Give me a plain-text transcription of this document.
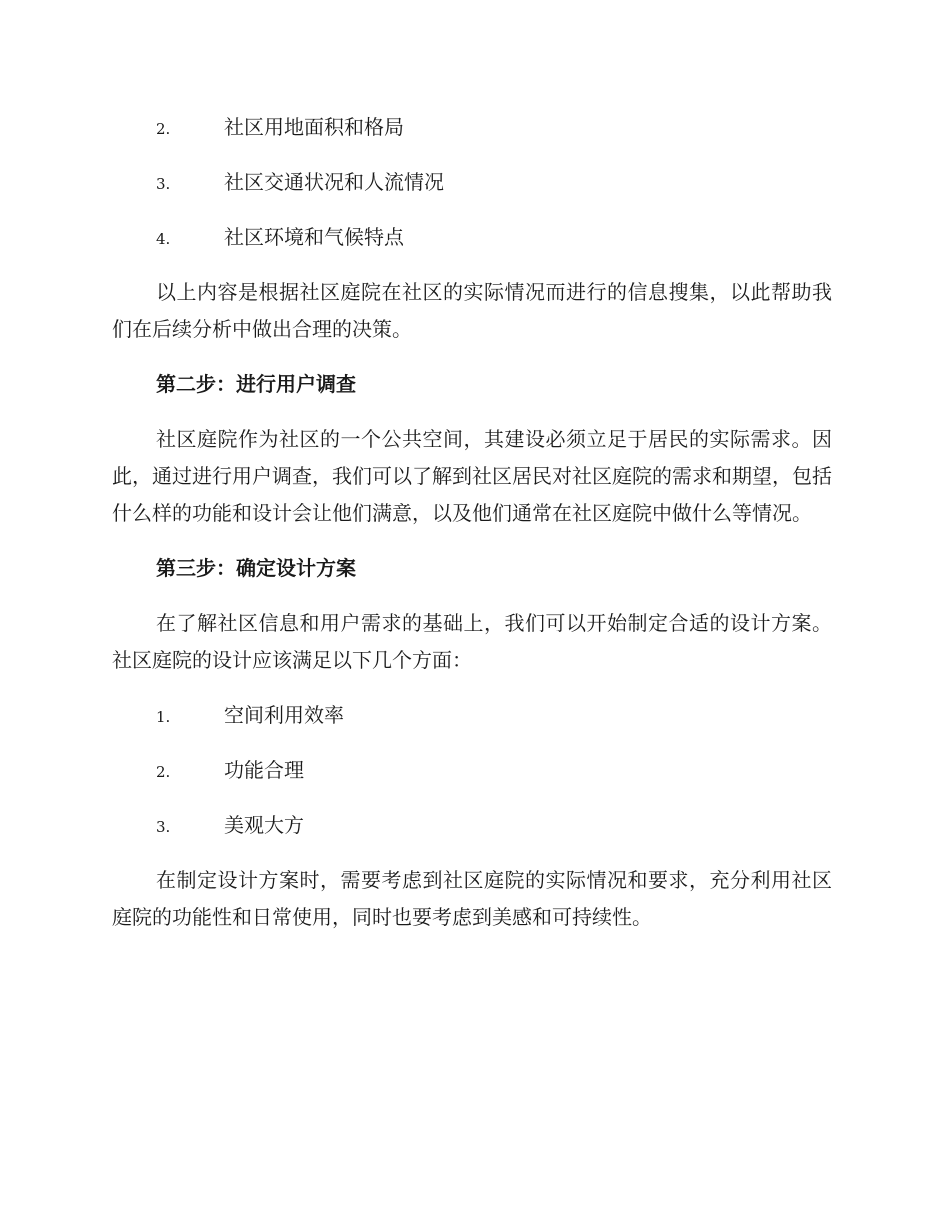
2.	社区用地面积和格局
3.	社区交通状况和人流情况
4.	社区环境和气候特点

以上内容是根据社区庭院在社区的实际情况而进行的信息搜集，以此帮助我们在后续分析中做出合理的决策。

第二步：进行用户调查

社区庭院作为社区的一个公共空间，其建设必须立足于居民的实际需求。因此，通过进行用户调查，我们可以了解到社区居民对社区庭院的需求和期望，包括什么样的功能和设计会让他们满意，以及他们通常在社区庭院中做什么等情况。

第三步：确定设计方案

在了解社区信息和用户需求的基础上，我们可以开始制定合适的设计方案。社区庭院的设计应该满足以下几个方面：

1.	空间利用效率
2.	功能合理
3.	美观大方

在制定设计方案时，需要考虑到社区庭院的实际情况和要求，充分利用社区庭院的功能性和日常使用，同时也要考虑到美感和可持续性。
